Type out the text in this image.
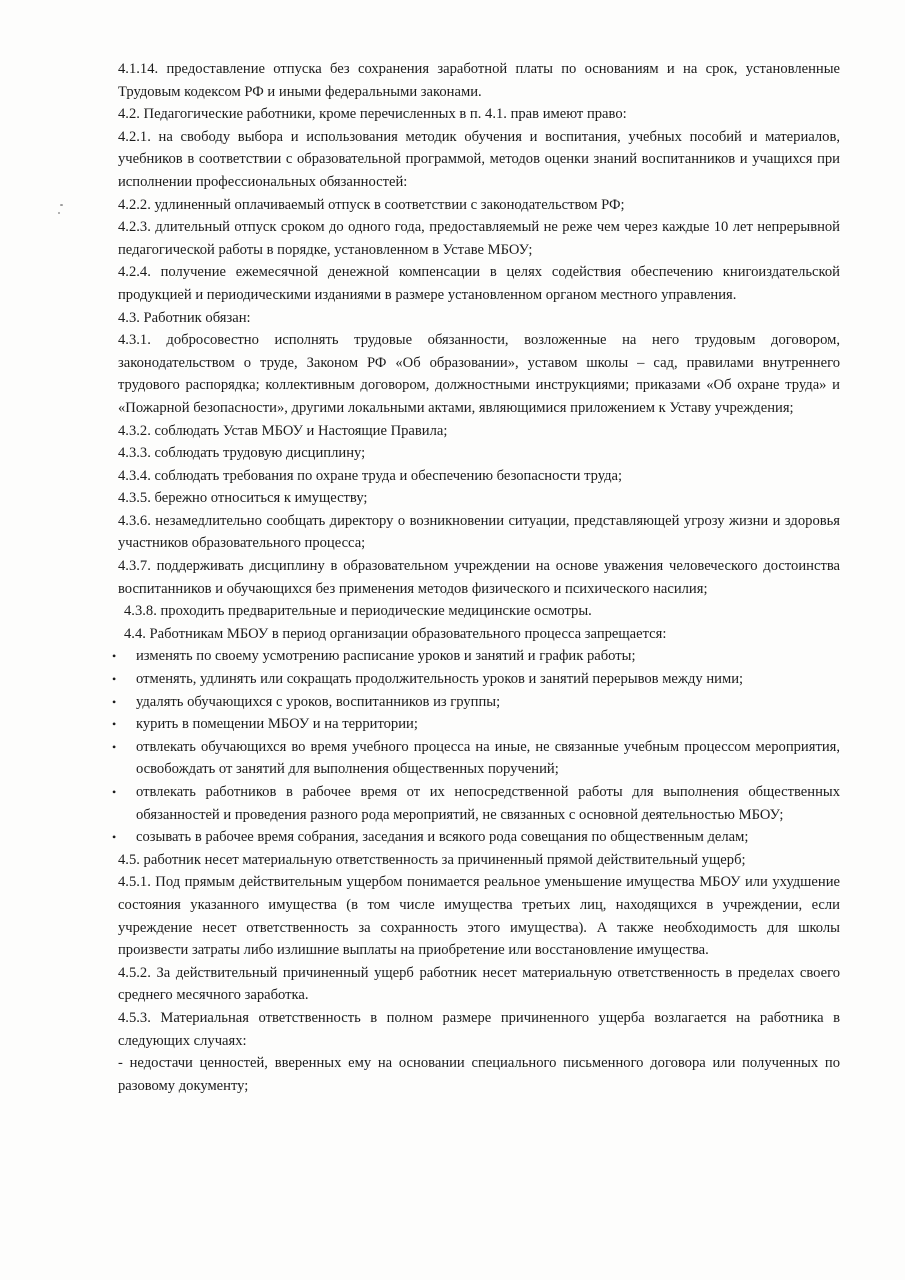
4.1.14. предоставление отпуска без сохранения заработной платы по основаниям и на срок, установленные Трудовым кодексом РФ и иными федеральными законами.

4.2. Педагогические работники, кроме перечисленных в п. 4.1. прав имеют право:

4.2.1. на свободу выбора и использования методик обучения и воспитания, учебных пособий и материалов, учебников в соответствии с образовательной программой, методов оценки знаний воспитанников и учащихся при исполнении профессиональных обязанностей:

4.2.2. удлиненный оплачиваемый отпуск в соответствии с законодательством РФ;

4.2.3. длительный отпуск сроком до одного года, предоставляемый не реже чем через каждые 10 лет непрерывной педагогической работы в порядке, установленном в Уставе МБОУ;

4.2.4. получение ежемесячной денежной компенсации в целях содействия обеспечению книгоиздательской продукцией и периодическими изданиями в размере установленном органом местного управления.

4.3. Работник обязан:

4.3.1. добросовестно исполнять трудовые обязанности, возложенные на него трудовым договором, законодательством о труде, Законом РФ «Об образовании», уставом школы – сад, правилами внутреннего трудового распорядка; коллективным договором, должностными инструкциями; приказами «Об охране труда» и «Пожарной безопасности», другими локальными актами, являющимися приложением к Уставу учреждения;

4.3.2. соблюдать Устав МБОУ и Настоящие Правила;

4.3.3. соблюдать трудовую дисциплину;

4.3.4. соблюдать требования по охране труда и обеспечению безопасности труда;

4.3.5. бережно относиться к имуществу;

4.3.6. незамедлительно сообщать директору о возникновении ситуации, представляющей угрозу жизни и здоровья участников образовательного процесса;

4.3.7. поддерживать дисциплину в образовательном учреждении на основе уважения человеческого достоинства воспитанников и обучающихся без применения методов физического и психического насилия;

4.3.8. проходить предварительные и периодические медицинские осмотры.

4.4. Работникам МБОУ в период организации образовательного процесса запрещается:

• изменять по своему усмотрению расписание уроков и занятий и график работы;
• отменять, удлинять или сокращать продолжительность уроков и занятий перерывов между ними;
• удалять обучающихся с уроков, воспитанников из группы;
• курить в помещении МБОУ и на территории;
• отвлекать обучающихся во время учебного процесса на иные, не связанные учебным процессом мероприятия, освобождать от занятий для выполнения общественных поручений;
• отвлекать работников в рабочее время от их непосредственной работы для выполнения общественных обязанностей и проведения разного рода мероприятий, не связанных с основной деятельностью МБОУ;
• созывать в рабочее время собрания, заседания и всякого рода совещания по общественным делам;

4.5. работник несет материальную ответственность за причиненный прямой действительный ущерб;

4.5.1. Под прямым действительным ущербом понимается реальное уменьшение имущества МБОУ или ухудшение состояния указанного имущества (в том числе имущества третьих лиц, находящихся в учреждении, если учреждение несет ответственность за сохранность этого имущества). А также необходимость для школы произвести затраты либо излишние выплаты на приобретение или восстановление имущества.

4.5.2. За действительный причиненный ущерб работник несет материальную ответственность в пределах своего среднего месячного заработка.

4.5.3. Материальная ответственность в полном размере причиненного ущерба возлагается на работника в следующих случаях:

- недостачи ценностей, вверенных ему на основании специального письменного договора или полученных по разовому документу;
